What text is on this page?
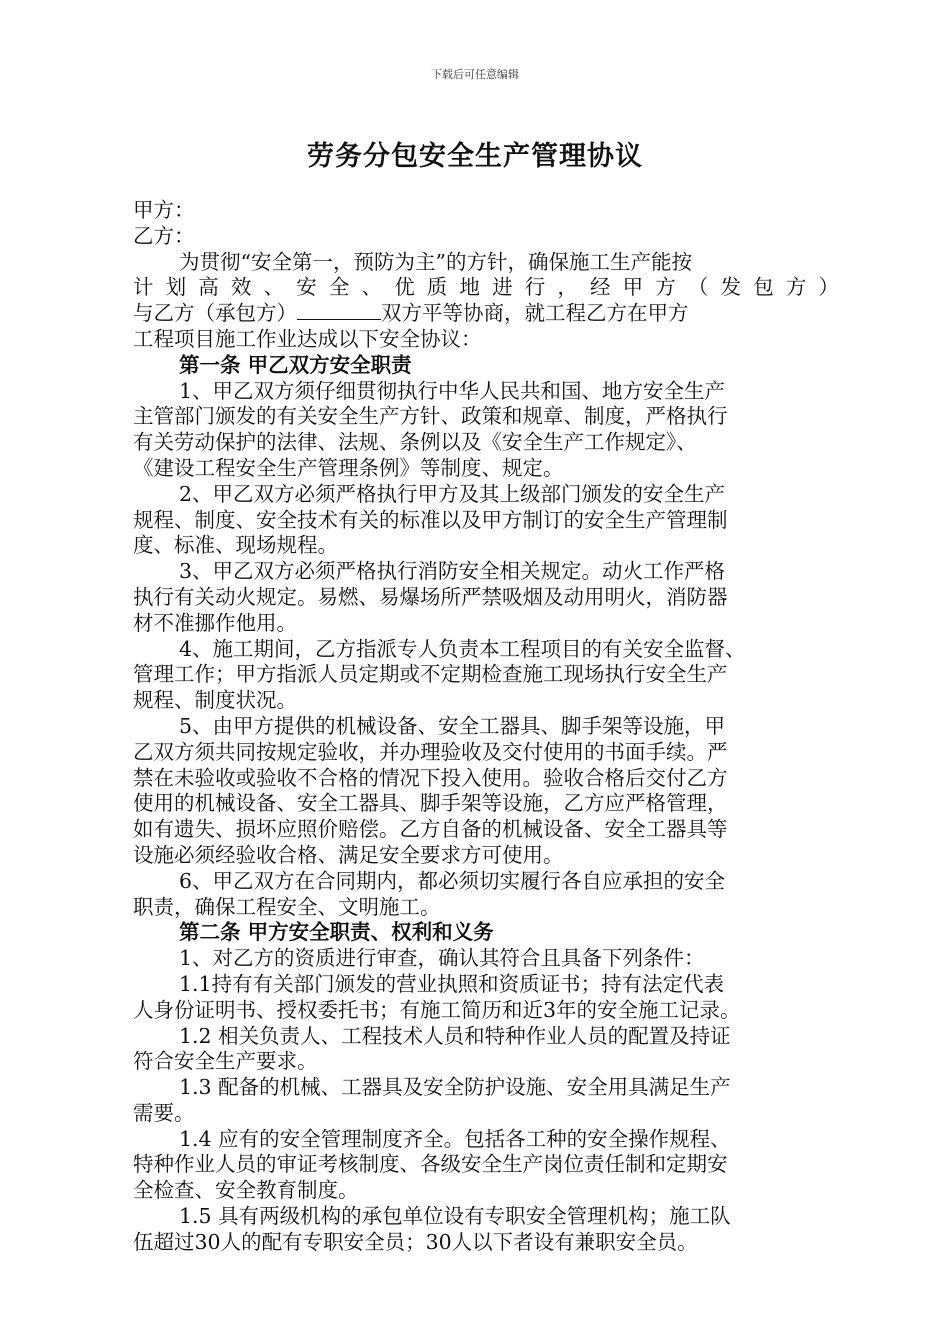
下载后可任意编辑
劳务分包安全生产管理协议
甲方：
乙方：
为贯彻“安全第一，预防为主”的方针，确保施工生产能按
计划高效、安全、优质地进行，经甲方（发包方）
与乙方（承包方）	双方平等协商，就工程乙方在甲方
工程项目施工作业达成以下安全协议：
第一条 甲乙双方安全职责
1、甲乙双方须仔细贯彻执行中华人民共和国、地方安全生产
主管部门颁发的有关安全生产方针、政策和规章、制度，严格执行
有关劳动保护的法律、法规、条例以及《安全生产工作规定》、
《建设工程安全生产管理条例》等制度、规定。
2、甲乙双方必须严格执行甲方及其上级部门颁发的安全生产
规程、制度、安全技术有关的标准以及甲方制订的安全生产管理制
度、标准、现场规程。
3、甲乙双方必须严格执行消防安全相关规定。动火工作严格
执行有关动火规定。易燃、易爆场所严禁吸烟及动用明火，消防器
材不准挪作他用。
4、施工期间，乙方指派专人负责本工程项目的有关安全监督、
管理工作；甲方指派人员定期或不定期检查施工现场执行安全生产
规程、制度状况。
5、由甲方提供的机械设备、安全工器具、脚手架等设施，甲
乙双方须共同按规定验收，并办理验收及交付使用的书面手续。严
禁在未验收或验收不合格的情况下投入使用。验收合格后交付乙方
使用的机械设备、安全工器具、脚手架等设施，乙方应严格管理，
如有遗失、损坏应照价赔偿。乙方自备的机械设备、安全工器具等
设施必须经验收合格、满足安全要求方可使用。
6、甲乙双方在合同期内，都必须切实履行各自应承担的安全
职责，确保工程安全、文明施工。
第二条 甲方安全职责、权利和义务
1、对乙方的资质进行审查，确认其符合且具备下列条件：
1.1持有有关部门颁发的营业执照和资质证书；持有法定代表
人身份证明书、授权委托书；有施工简历和近3年的安全施工记录。
1.2 相关负责人、工程技术人员和特种作业人员的配置及持证
符合安全生产要求。
1.3 配备的机械、工器具及安全防护设施、安全用具满足生产
需要。
1.4 应有的安全管理制度齐全。包括各工种的安全操作规程、
特种作业人员的审证考核制度、各级安全生产岗位责任制和定期安
全检查、安全教育制度。
1.5 具有两级机构的承包单位设有专职安全管理机构；施工队
伍超过30人的配有专职安全员；30人以下者设有兼职安全员。
